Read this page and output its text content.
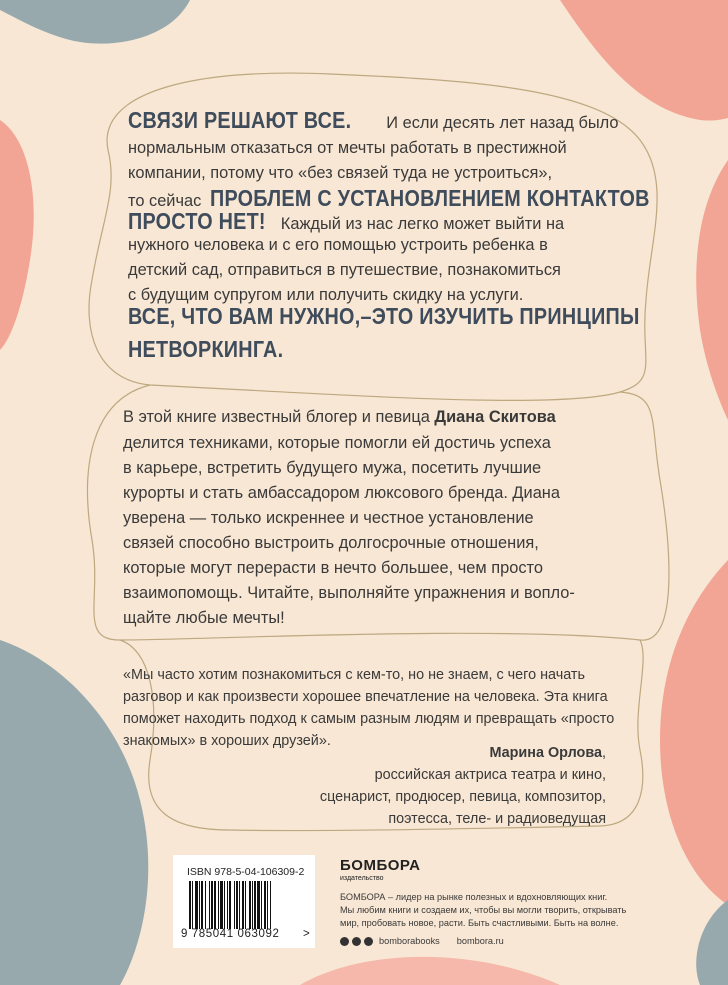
СВЯЗИ РЕШАЮТ ВСЕ. И если десять лет назад было
нормальным отказаться от мечты работать в престижной
компании, потому что «без связей туда не устроиться»,
то сейчас ПРОБЛЕМ С УСТАНОВЛЕНИЕМ КОНТАКТОВ
ПРОСТО НЕТ! Каждый из нас легко может выйти на
нужного человека и с его помощью устроить ребенка в
детский сад, отправиться в путешествие, познакомиться
с будущим супругом или получить скидку на услуги.
ВСЕ, ЧТО ВАМ НУЖНО,–ЭТО ИЗУЧИТЬ ПРИНЦИПЫ
НЕТВОРКИНГА.
В этой книге известный блогер и певица Диана Скитова
делится техниками, которые помогли ей достичь успеха
в карьере, встретить будущего мужа, посетить лучшие
курорты и стать амбассадором люксового бренда. Диана
уверена — только искреннее и честное установление
связей способно выстроить долгосрочные отношения,
которые могут перерасти в нечто большее, чем просто
взаимопомощь. Читайте, выполняйте упражнения и вопло-
щайте любые мечты!
«Мы часто хотим познакомиться с кем-то, но не знаем, с чего начать
разговор и как произвести хорошее впечатление на человека. Эта книга
поможет находить подход к самым разным людям и превращать «просто
знакомых» в хороших друзей».
Марина Орлова,
российская актриса театра и кино,
сценарист, продюсер, певица, композитор,
поэтесса, теле- и радиоведущая
ISBN 978-5-04-106309-2
9 785041 063092 >
БОМБОРА
издательство
БОМБОРА – лидер на рынке полезных и вдохновляющих книг.
Мы любим книги и создаем их, чтобы вы могли творить, открывать
мир, пробовать новое, расти. Быть счастливыми. Быть на волне.
bomborabooks bombora.ru
